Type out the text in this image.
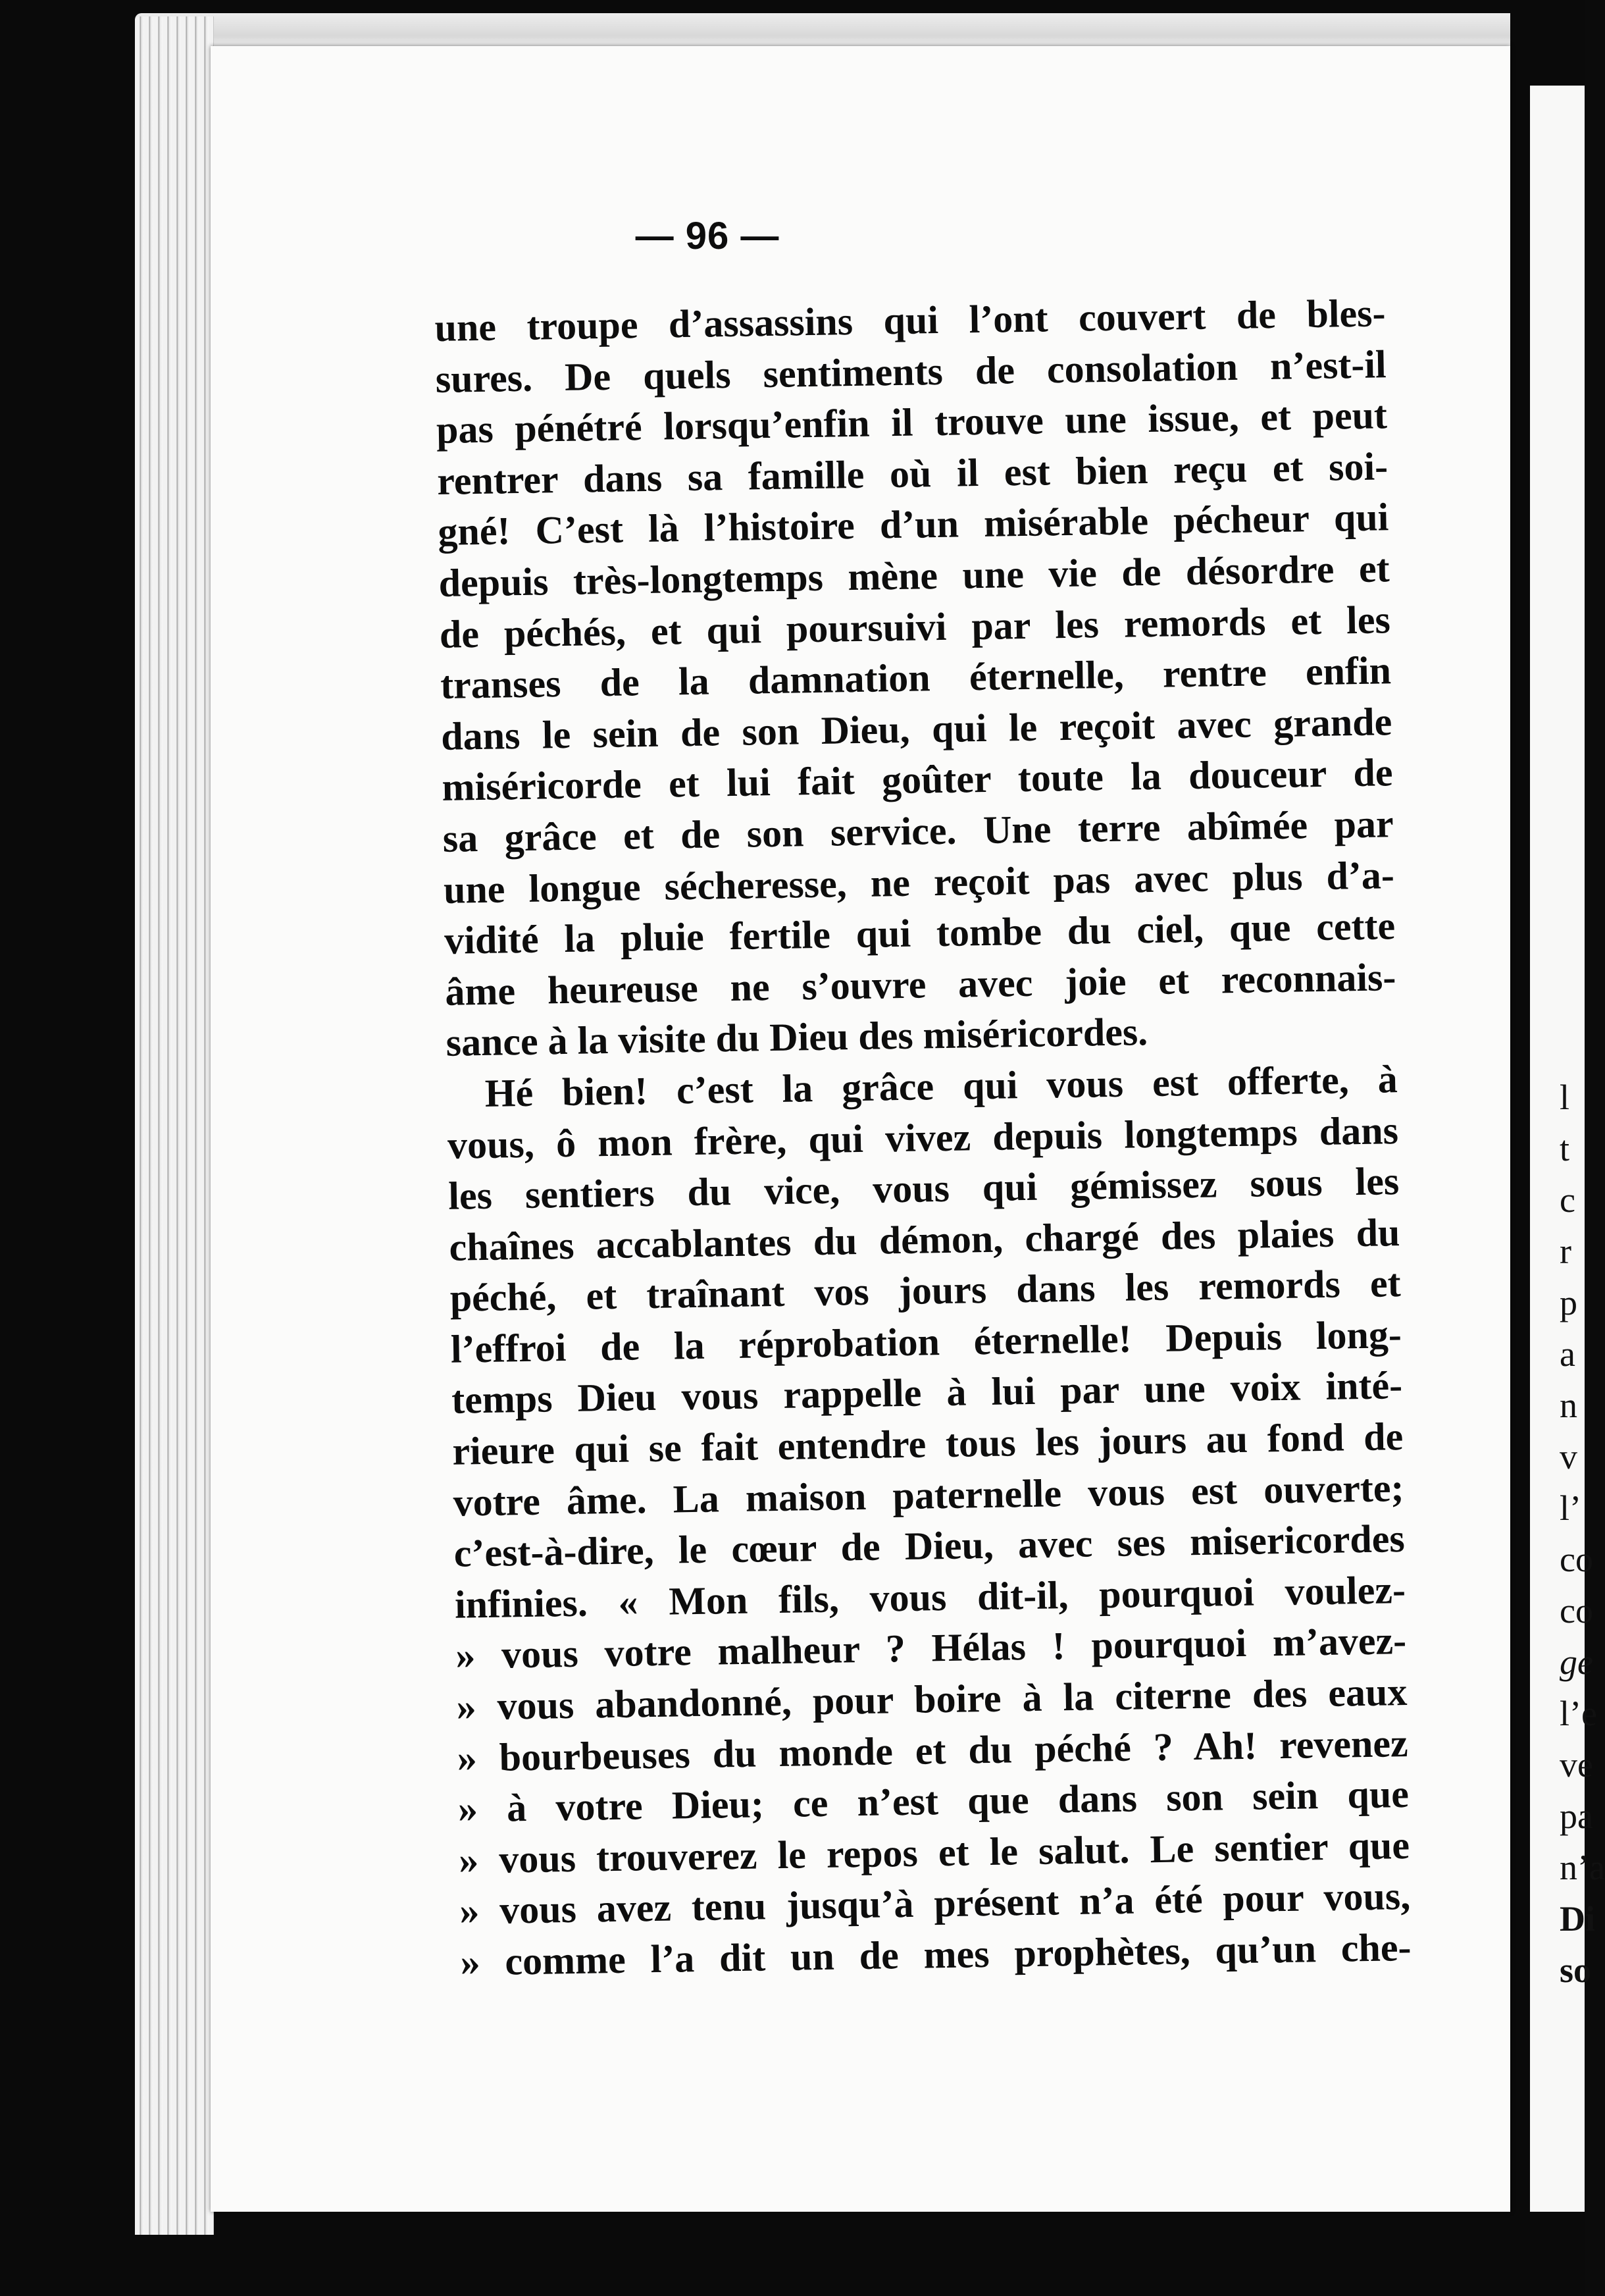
— 96 —
une troupe d’assassins qui l’ont couvert de bles-
sures. De quels sentiments de consolation n’est-il
pas pénétré lorsqu’enfin il trouve une issue, et peut
rentrer dans sa famille où il est bien reçu et soi-
gné! C’est là l’histoire d’un misérable pécheur qui
depuis très-longtemps mène une vie de désordre et
de péchés, et qui poursuivi par les remords et les
transes de la damnation éternelle, rentre enfin
dans le sein de son Dieu, qui le reçoit avec grande
miséricorde et lui fait goûter toute la douceur de
sa grâce et de son service. Une terre abîmée par
une longue sécheresse, ne reçoit pas avec plus d’a-
vidité la pluie fertile qui tombe du ciel, que cette
âme heureuse ne s’ouvre avec joie et reconnais-
sance à la visite du Dieu des miséricordes.
Hé bien! c’est la grâce qui vous est offerte, à
vous, ô mon frère, qui vivez depuis longtemps dans
les sentiers du vice, vous qui gémissez sous les
chaînes accablantes du démon, chargé des plaies du
péché, et traînant vos jours dans les remords et
l’effroi de la réprobation éternelle! Depuis long-
temps Dieu vous rappelle à lui par une voix inté-
rieure qui se fait entendre tous les jours au fond de
votre âme. La maison paternelle vous est ouverte;
c’est-à-dire, le cœur de Dieu, avec ses misericordes
infinies. « Mon fils, vous dit-il, pourquoi voulez-
» vous votre malheur ? Hélas ! pourquoi m’avez-
» vous abandonné, pour boire à la citerne des eaux
» bourbeuses du monde et du péché ? Ah! revenez
» à votre Dieu; ce n’est que dans son sein que
» vous trouverez le repos et le salut. Le sentier que
» vous avez tenu jusqu’à présent n’a été pour vous,
» comme l’a dit un de mes prophètes, qu’un che-
l
t
c
r
p
a
n
v
l’
co
co
ge
l’e
ve
pa
n’a
Di
so
